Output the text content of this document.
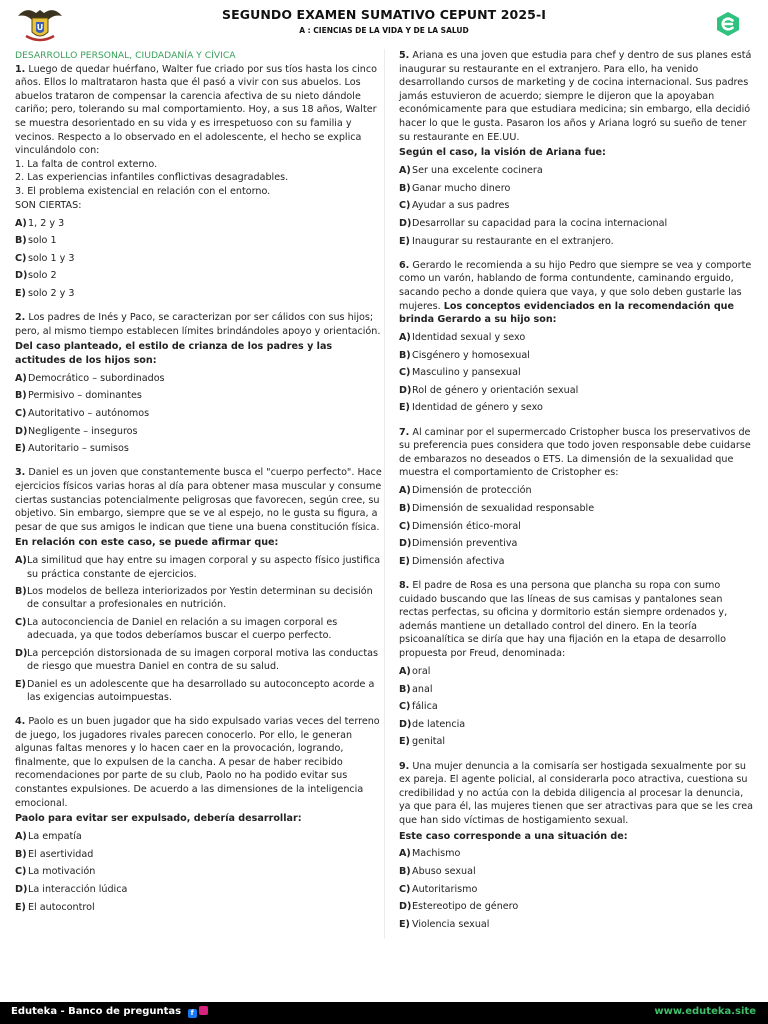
U
SEGUNDO EXAMEN SUMATIVO CEPUNT 2025-I
A : CIENCIAS DE LA VIDA Y DE LA SALUD
DESARROLLO PERSONAL, CIUDADANÍA Y CÍVICA

1. Luego de quedar huérfano, Walter fue criado por sus tíos hasta los cinco años. Ellos lo maltrataron hasta que él pasó a vivir con sus abuelos. Los abuelos trataron de compensar la carencia afectiva de su nieto dándole cariño; pero, tolerando su mal comportamiento. Hoy, a sus 18 años, Walter se muestra desorientado en su vida y es irrespetuoso con su familia y vecinos. Respecto a lo observado en el adolescente, el hecho se explica vinculándolo con:

1. La falta de control externo.
2. Las experiencias infantiles conflictivas desagradables.
3. El problema existencial en relación con el entorno.
SON CIERTAS:
A) 1, 2 y 3
B) solo 1
C) solo 1 y 3
D) solo 2
E) solo 2 y 3

2. Los padres de Inés y Paco, se caracterizan por ser cálidos con sus hijos; pero, al mismo tiempo establecen límites brindándoles apoyo y orientación.

Del caso planteado, el estilo de crianza de los padres y las actitudes de los hijos son:
A) Democrático – subordinados
B) Permisivo – dominantes
C) Autoritativo – autónomos
D) Negligente – inseguros
E) Autoritario – sumisos

3. Daniel es un joven que constantemente busca el "cuerpo perfecto". Hace ejercicios físicos varias horas al día para obtener masa muscular y consume ciertas sustancias potencialmente peligrosas que favorecen, según cree, su objetivo. Sin embargo, siempre que se ve al espejo, no le gusta su figura, a pesar de que sus amigos le indican que tiene una buena constitución física.

En relación con este caso, se puede afirmar que:
A) La similitud que hay entre su imagen corporal y su aspecto físico justifica su práctica constante de ejercicios.
B) Los modelos de belleza interiorizados por Yestin determinan su decisión de consultar a profesionales en nutrición.
C) La autoconciencia de Daniel en relación a su imagen corporal es adecuada, ya que todos deberíamos buscar el cuerpo perfecto.
D) La percepción distorsionada de su imagen corporal motiva las conductas de riesgo que muestra Daniel en contra de su salud.
E) Daniel es un adolescente que ha desarrollado su autoconcepto acorde a las exigencias autoimpuestas.

4. Paolo es un buen jugador que ha sido expulsado varias veces del terreno de juego, los jugadores rivales parecen conocerlo. Por ello, le generan algunas faltas menores y lo hacen caer en la provocación, logrando, finalmente, que lo expulsen de la cancha. A pesar de haber recibido recomendaciones por parte de su club, Paolo no ha podido evitar sus constantes expulsiones. De acuerdo a las dimensiones de la inteligencia emocional.

Paolo para evitar ser expulsado, debería desarrollar:
A) La empatía
B) El asertividad
C) La motivación
D) La interacción lúdica
E) El autocontrol

5. Ariana es una joven que estudia para chef y dentro de sus planes está inaugurar su restaurante en el extranjero. Para ello, ha venido desarrollando cursos de marketing y de cocina internacional. Sus padres jamás estuvieron de acuerdo; siempre le dijeron que la apoyaban económicamente para que estudiara medicina; sin embargo, ella decidió hacer lo que le gusta. Pasaron los años y Ariana logró su sueño de tener su restaurante en EE.UU.

Según el caso, la visión de Ariana fue:
A) Ser una excelente cocinera
B) Ganar mucho dinero
C) Ayudar a sus padres
D) Desarrollar su capacidad para la cocina internacional
E) Inaugurar su restaurante en el extranjero.

6. Gerardo le recomienda a su hijo Pedro que siempre se vea y comporte como un varón, hablando de forma contundente, caminando erguido, sacando pecho a donde quiera que vaya, y que solo deben gustarle las mujeres. Los conceptos evidenciados en la recomendación que brinda Gerardo a su hijo son:

A) Identidad sexual y sexo
B) Cisgénero y homosexual
C) Masculino y pansexual
D) Rol de género y orientación sexual
E) Identidad de género y sexo

7. Al caminar por el supermercado Cristopher busca los preservativos de su preferencia pues considera que todo joven responsable debe cuidarse de embarazos no deseados o ETS. La dimensión de la sexualidad que muestra el comportamiento de Cristopher es:

A) Dimensión de protección
B) Dimensión de sexualidad responsable
C) Dimensión ético-moral
D) Dimensión preventiva
E) Dimensión afectiva

8. El padre de Rosa es una persona que plancha su ropa con sumo cuidado buscando que las líneas de sus camisas y pantalones sean rectas perfectas, su oficina y dormitorio están siempre ordenados y, además mantiene un detallado control del dinero. En la teoría psicoanalítica se diría que hay una fijación en la etapa de desarrollo propuesta por Freud, denominada:

A) oral
B) anal
C) fálica
D) de latencia
E) genital

9. Una mujer denuncia a la comisaría ser hostigada sexualmente por su ex pareja. El agente policial, al considerarla poco atractiva, cuestiona su credibilidad y no actúa con la debida diligencia al procesar la denuncia, ya que para él, las mujeres tienen que ser atractivas para que se les crea que han sido víctimas de hostigamiento sexual.

Este caso corresponde a una situación de:
A) Machismo
B) Abuso sexual
C) Autoritarismo
D) Estereotipo de género
E) Violencia sexual
Eduteka - Banco de preguntas f	www.eduteka.site
